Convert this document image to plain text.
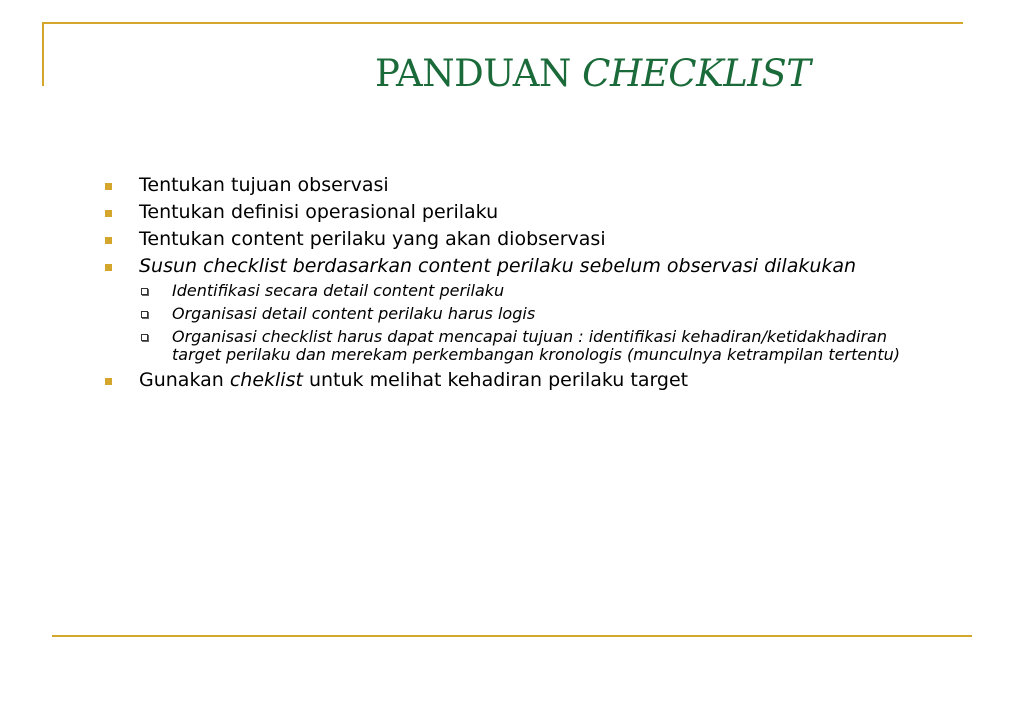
PANDUAN CHECKLIST
Tentukan tujuan observasi
Tentukan definisi operasional perilaku
Tentukan content perilaku yang akan diobservasi
Susun checklist berdasarkan content perilaku sebelum observasi dilakukan
Identifikasi secara detail content perilaku
Organisasi detail content perilaku harus logis
Organisasi checklist harus dapat mencapai tujuan : identifikasi kehadiran/ketidakhadiran target perilaku dan merekam perkembangan kronologis (munculnya ketrampilan tertentu)
Gunakan cheklist untuk melihat kehadiran perilaku target
